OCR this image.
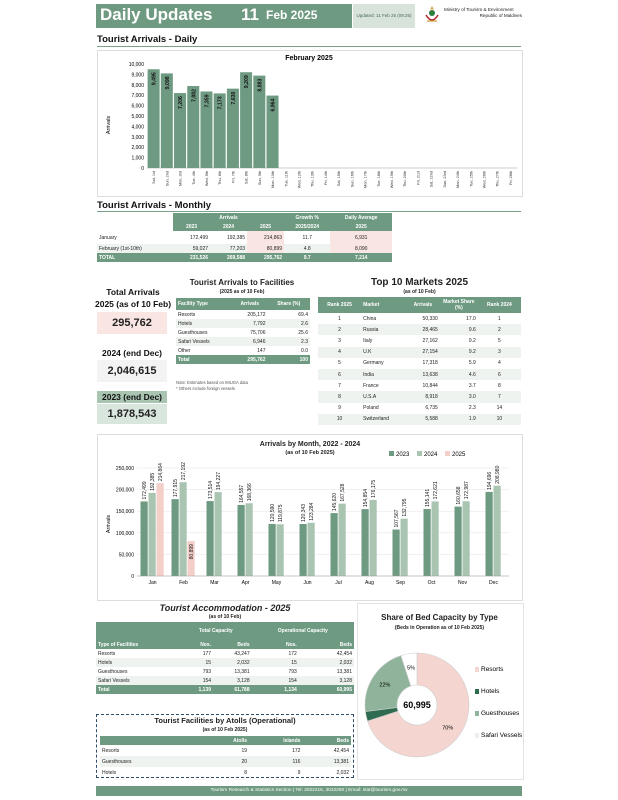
Daily Updates 11 Feb 2025	Updated: 11 Feb 25 (09:25)
Ministry of Tourism & Environment
Republic of Maldives
Tourist Arrivals - Daily
February 2025
0
1,000
2,000
3,000
4,000
5,000
6,000
7,000
8,000
9,000
10,000
Arrivals
9,495
Sat, 1st
9,098
Sun, 2nd
7,206
Mon, 3rd
7,882
Tue, 4th
7,359
Wed, 5th
7,173
Thu, 6th
7,630
Fri, 7th
9,209
Sat, 8th
8,883
Sun, 9th
6,964
Mon, 10th Tue, 11th Wed, 12th Thu, 13th Fri, 14th Sat, 15th Sun, 16th Mon, 17th Tue, 18th Wed, 19th Thu, 20th Fri, 21st Sat, 22nd Sun, 23rd Mon, 24th Tue, 25th Wed, 26th Thu, 27th Fri, 28th
Tourist Arrivals - Monthly
	Arrivals			Growth %	Daily Average
	2023	2024	2025	2025/2024	2025
January	172,499	192,385	214,863	11.7	6,931
February (1st-10th)	59,027	77,203	80,899	4.8	8,090
TOTAL	231,526	269,588	295,762	9.7	7,214
Total Arrivals
2025 (as of 10 Feb)
295,762
2024 (end Dec)
2,046,615
2023 (end Dec)
1,878,543
Tourist Arrivals to Facilities
(2025 as of 10 Feb)
Facility Type	Arrivals	Share (%)
Resorts	205,172	69.4
Hotels	7,792	2.6
Guesthouses	75,706	25.6
Safari Vessels	6,946	2.3
Other	147	0.0
Total	295,762	100
Note: Estimates based on IMUGA data
* Others include foreign vessels
Top 10 Markets 2025
(as of 10 Feb)
Rank 2025	Market	Arrivals	Market Share (%)	Rank 2024
1	China	50,330	17.0	1
2	Russia	28,465	9.6	2
3	Italy	27,162	9.2	5
4	U.K	27,154	9.2	3
5	Germany	17,318	5.9	4
6	India	13,638	4.6	6
7	France	10,844	3.7	8
8	U.S.A	8,918	3.0	7
9	Poland	6,735	2.3	14
10	Switzerland	5,588	1.9	10
Arrivals by Month, 2022 - 2024
(as of 10 Feb 2025)
0
50,000
100,000
150,000
200,000
250,000
Arrivals
2023 2024 2025
172,499 192,385
214,864
Jan
177,915
217,192
80,899
Feb
173,514 194,227
Mar
164,557 168,366
Apr
120,590 119,875
May
120,343 123,284
Jun
145,620
167,528
Jul
154,854
176,175
Aug
107,567
132,795
Sep
155,141 172,621
Oct
160,658 172,987
Nov
194,696 208,980
Dec
Tourist Accommodation - 2025
(as of 10 Feb)
	Total Capacity		Operational Capacity	
Type of Facilities	Nos.	Beds	Nos.	Beds
Resorts	177	43,247	172	42,454
Hotels	15	2,032	15	2,032
Guesthouses	793	13,381	793	13,381
Safari Vessels	154	3,128	154	3,128
Total	1,139	61,788	1,134	60,995
Tourist Facilities by Atolls (Operational)
(as of 10 Feb 2025)
	Atolls	Islands	Beds
Resorts	19	172	42,454
Guesthouses	20	116	13,381
Hotels	8	9	2,032
Share of Bed Capacity by Type
(Beds in Operation as of 10 Feb 2025)
70%
22%
5%
60,995
Resorts
Hotels
Guesthouses
Safari Vessels
Tourism Research & Statistics Section | Tel: 3022216, 3022250 | Email: stat@tourism.gov.mv
